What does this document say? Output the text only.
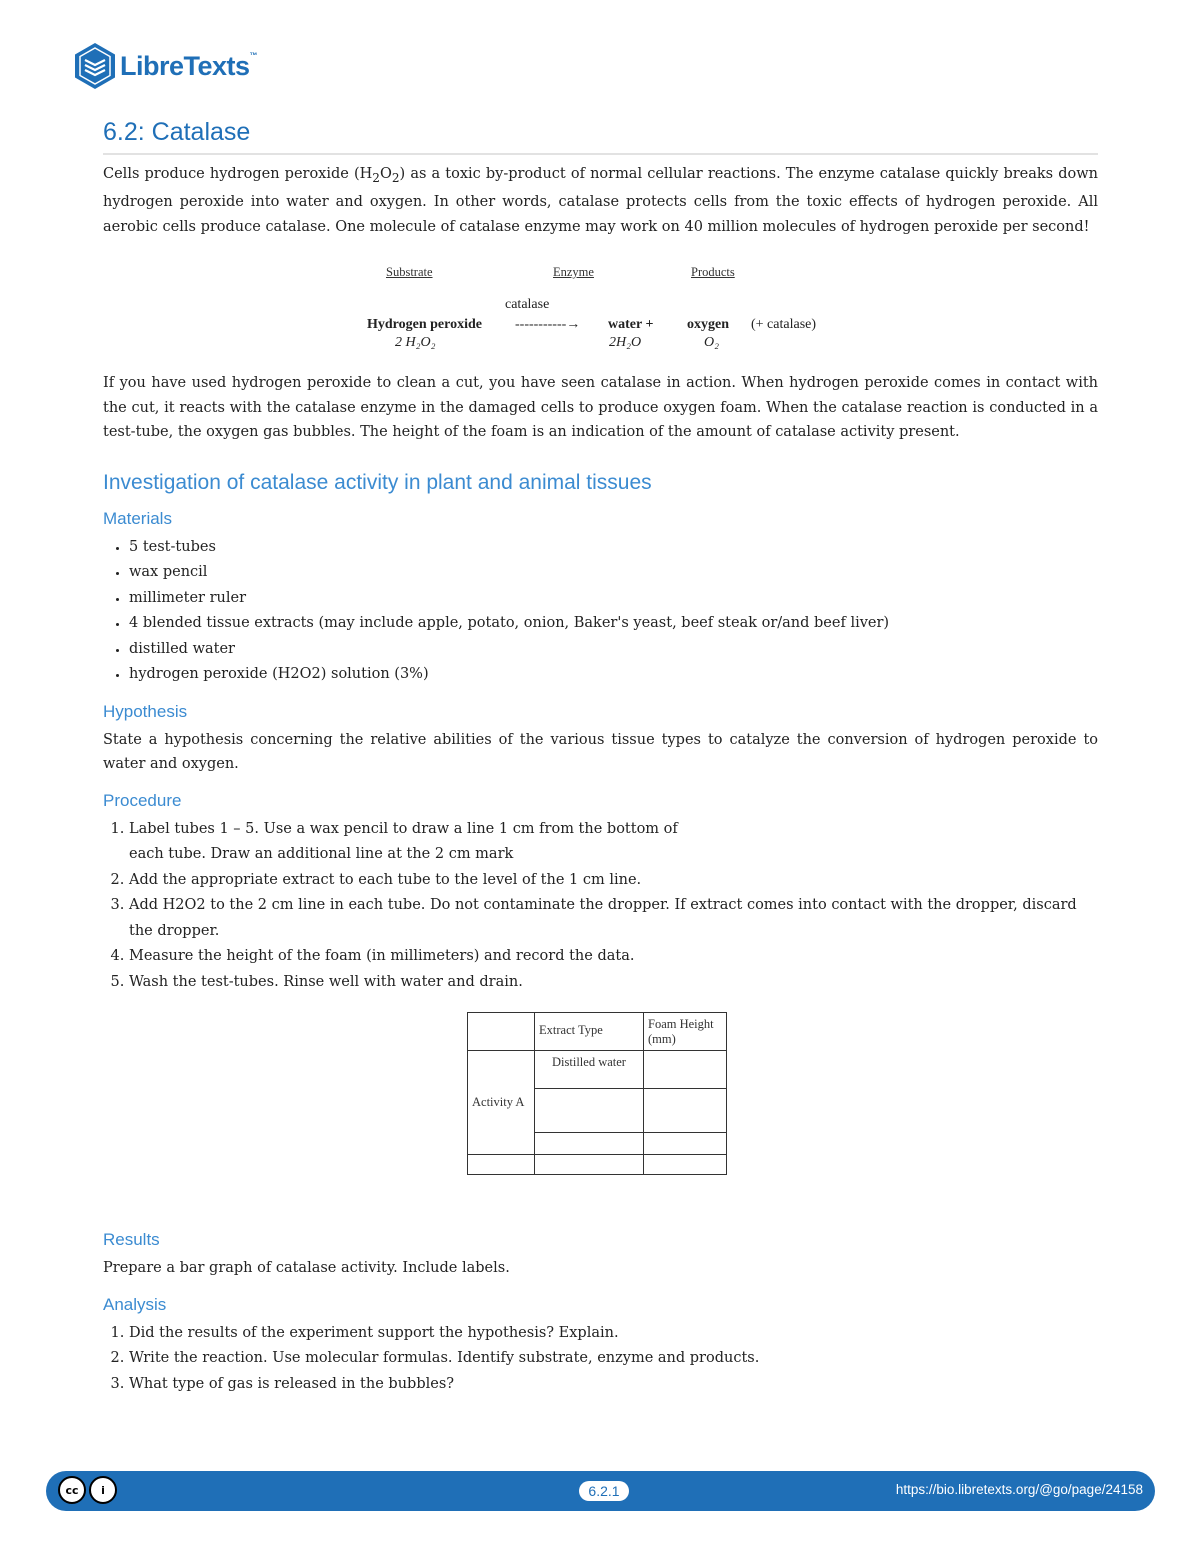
LibreTexts™
6.2: Catalase

Cells produce hydrogen peroxide $(H_2O_2)$ as a toxic by-product of normal cellular reactions. The enzyme catalase quickly breaks down hydrogen peroxide into water and oxygen. In other words, catalase protects cells from the toxic effects of hydrogen peroxide. All aerobic cells produce catalase. One molecule of catalase enzyme may work on 40 million molecules of hydrogen peroxide per second!

Substrate	Enzyme	Products
catalase
Hydrogen peroxide -----------→ water + oxygen (+ catalase)
2 H₂O₂	2H₂O	O₂

If you have used hydrogen peroxide to clean a cut, you have seen catalase in action. When hydrogen peroxide comes in contact with the cut, it reacts with the catalase enzyme in the damaged cells to produce oxygen foam. When the catalase reaction is conducted in a test-tube, the oxygen gas bubbles. The height of the foam is an indication of the amount of catalase activity present.

Investigation of catalase activity in plant and animal tissues
Materials
• 5 test-tubes
• wax pencil
• millimeter ruler
• 4 blended tissue extracts (may include apple, potato, onion, Baker's yeast, beef steak or/and beef liver)
• distilled water
• hydrogen peroxide (H2O2) solution (3%)
Hypothesis

State a hypothesis concerning the relative abilities of the various tissue types to catalyze the conversion of hydrogen peroxide to water and oxygen.

Procedure
1. Label tubes 1 – 5. Use a wax pencil to draw a line 1 cm from the bottom of
each tube. Draw an additional line at the 2 cm mark
2. Add the appropriate extract to each tube to the level of the 1 cm line.
3. Add H2O2 to the 2 cm line in each tube. Do not contaminate the dropper. If extract comes into contact with the dropper, discard the dropper.
4. Measure the height of the foam (in millimeters) and record the data.
5. Wash the test-tubes. Rinse well with water and drain.
	Extract Type	Foam Height (mm)
Activity A	Distilled water	

Results

Prepare a bar graph of catalase activity. Include labels.

Analysis
1. Did the results of the experiment support the hypothesis? Explain.
2. Write the reaction. Use molecular formulas. Identify substrate, enzyme and products.
3. What type of gas is released in the bubbles?
cc	i	6.2.1	https://bio.libretexts.org/@go/page/24158
